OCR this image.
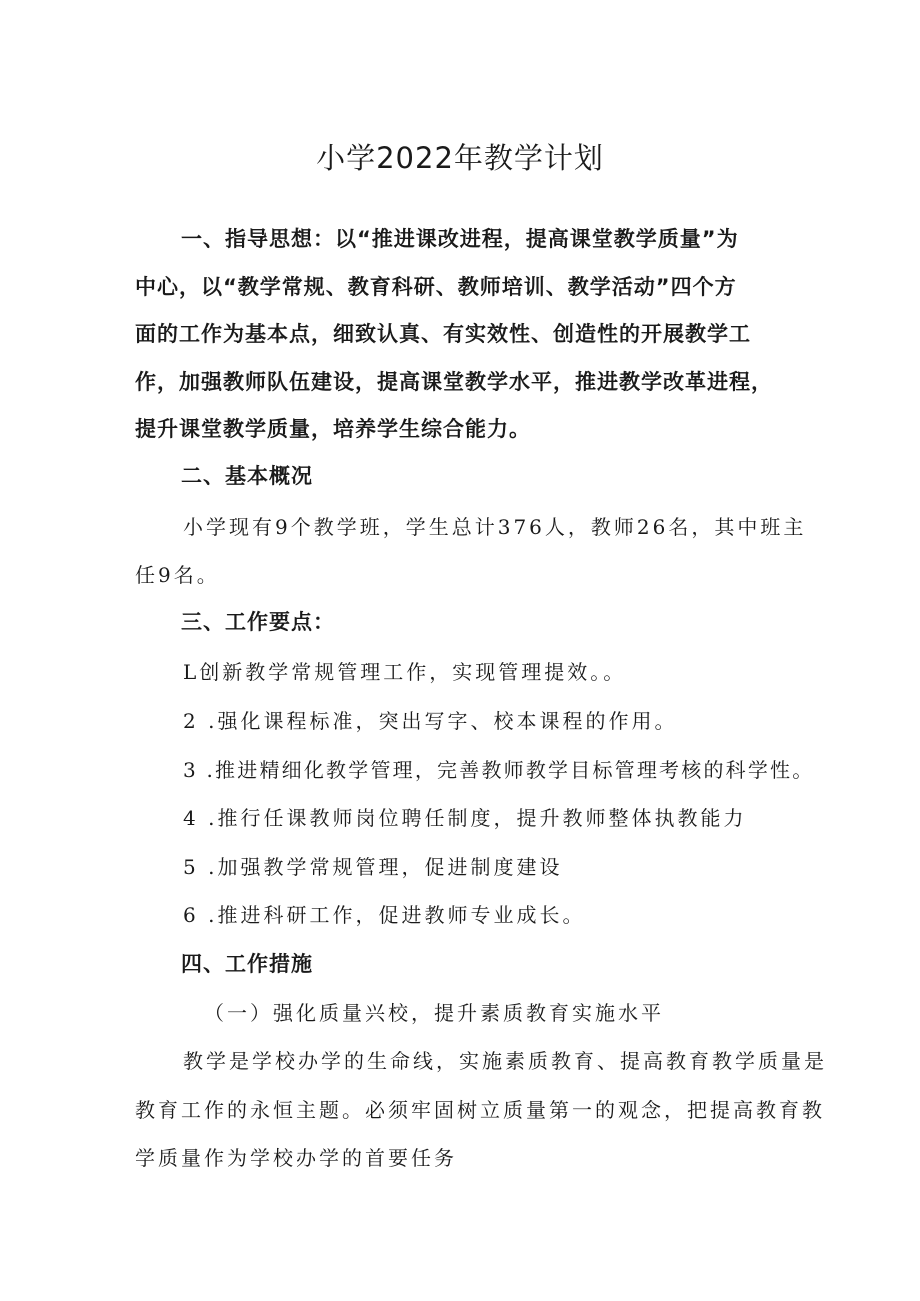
小学2022年教学计划
一、指导思想：以“推进课改进程，提高课堂教学质量”为
中心，以“教学常规、教育科研、教师培训、教学活动”四个方
面的工作为基本点，细致认真、有实效性、创造性的开展教学工
作，加强教师队伍建设，提高课堂教学水平，推进教学改革进程，
提升课堂教学质量，培养学生综合能力。
二、基本概况
小学现有9个教学班，学生总计376人，教师26名，其中班主
任9名。
三、工作要点：
L创新教学常规管理工作，实现管理提效。。
2 .强化课程标准，突出写字、校本课程的作用。
3 .推进精细化教学管理，完善教师教学目标管理考核的科学性。
4 .推行任课教师岗位聘任制度，提升教师整体执教能力
5 .加强教学常规管理，促进制度建设
6 .推进科研工作，促进教师专业成长。
四、工作措施
（一）强化质量兴校，提升素质教育实施水平
教学是学校办学的生命线，实施素质教育、提高教育教学质量是
教育工作的永恒主题。必须牢固树立质量第一的观念，把提高教育教
学质量作为学校办学的首要任务
